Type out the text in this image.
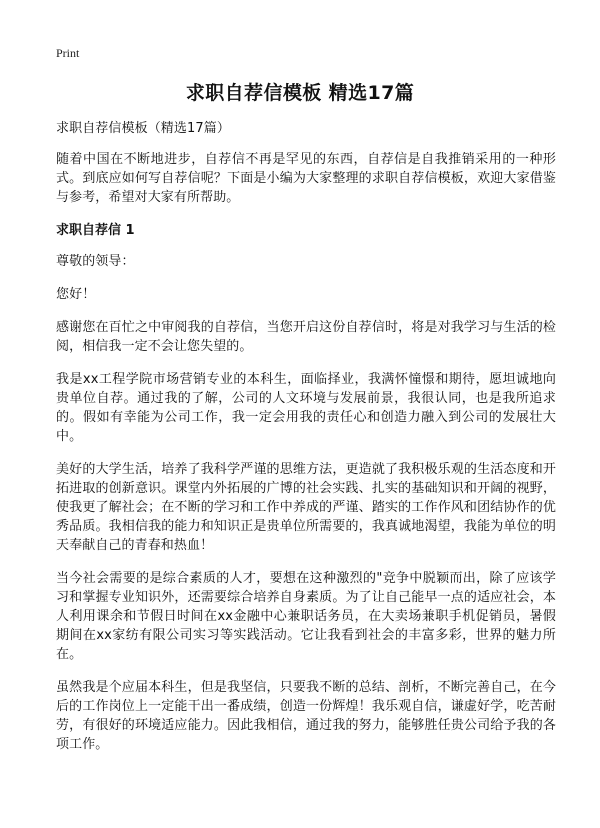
Print
求职自荐信模板 精选17篇

求职自荐信模板（精选17篇）

随着中国在不断地进步，自荐信不再是罕见的东西，自荐信是自我推销采用的一种形式。到底应如何写自荐信呢？下面是小编为大家整理的求职自荐信模板，欢迎大家借鉴与参考，希望对大家有所帮助。

求职自荐信 1

尊敬的领导：

您好！

感谢您在百忙之中审阅我的自荐信，当您开启这份自荐信时，将是对我学习与生活的检阅，相信我一定不会让您失望的。

我是xx工程学院市场营销专业的本科生，面临择业，我满怀憧憬和期待，愿坦诚地向贵单位自荐。通过我的了解，公司的人文环境与发展前景，我很认同，也是我所追求的。假如有幸能为公司工作，我一定会用我的责任心和创造力融入到公司的发展壮大中。

美好的大学生活，培养了我科学严谨的思维方法，更造就了我积极乐观的生活态度和开拓进取的创新意识。课堂内外拓展的广博的社会实践、扎实的基础知识和开阔的视野，使我更了解社会；在不断的学习和工作中养成的严谨、踏实的工作作风和团结协作的优秀品质。我相信我的能力和知识正是贵单位所需要的，我真诚地渴望，我能为单位的明天奉献自己的青春和热血！

当今社会需要的是综合素质的人才，要想在这种激烈的"竞争中脱颖而出，除了应该学习和掌握专业知识外，还需要综合培养自身素质。为了让自己能早一点的适应社会，本人利用课余和节假日时间在xx金融中心兼职话务员，在大卖场兼职手机促销员，暑假期间在xx家纺有限公司实习等实践活动。它让我看到社会的丰富多彩，世界的魅力所在。

虽然我是个应届本科生，但是我坚信，只要我不断的总结、剖析，不断完善自己，在今后的工作岗位上一定能干出一番成绩，创造一份辉煌！我乐观自信，谦虚好学，吃苦耐劳，有很好的环境适应能力。因此我相信，通过我的努力，能够胜任贵公司给予我的各项工作。
